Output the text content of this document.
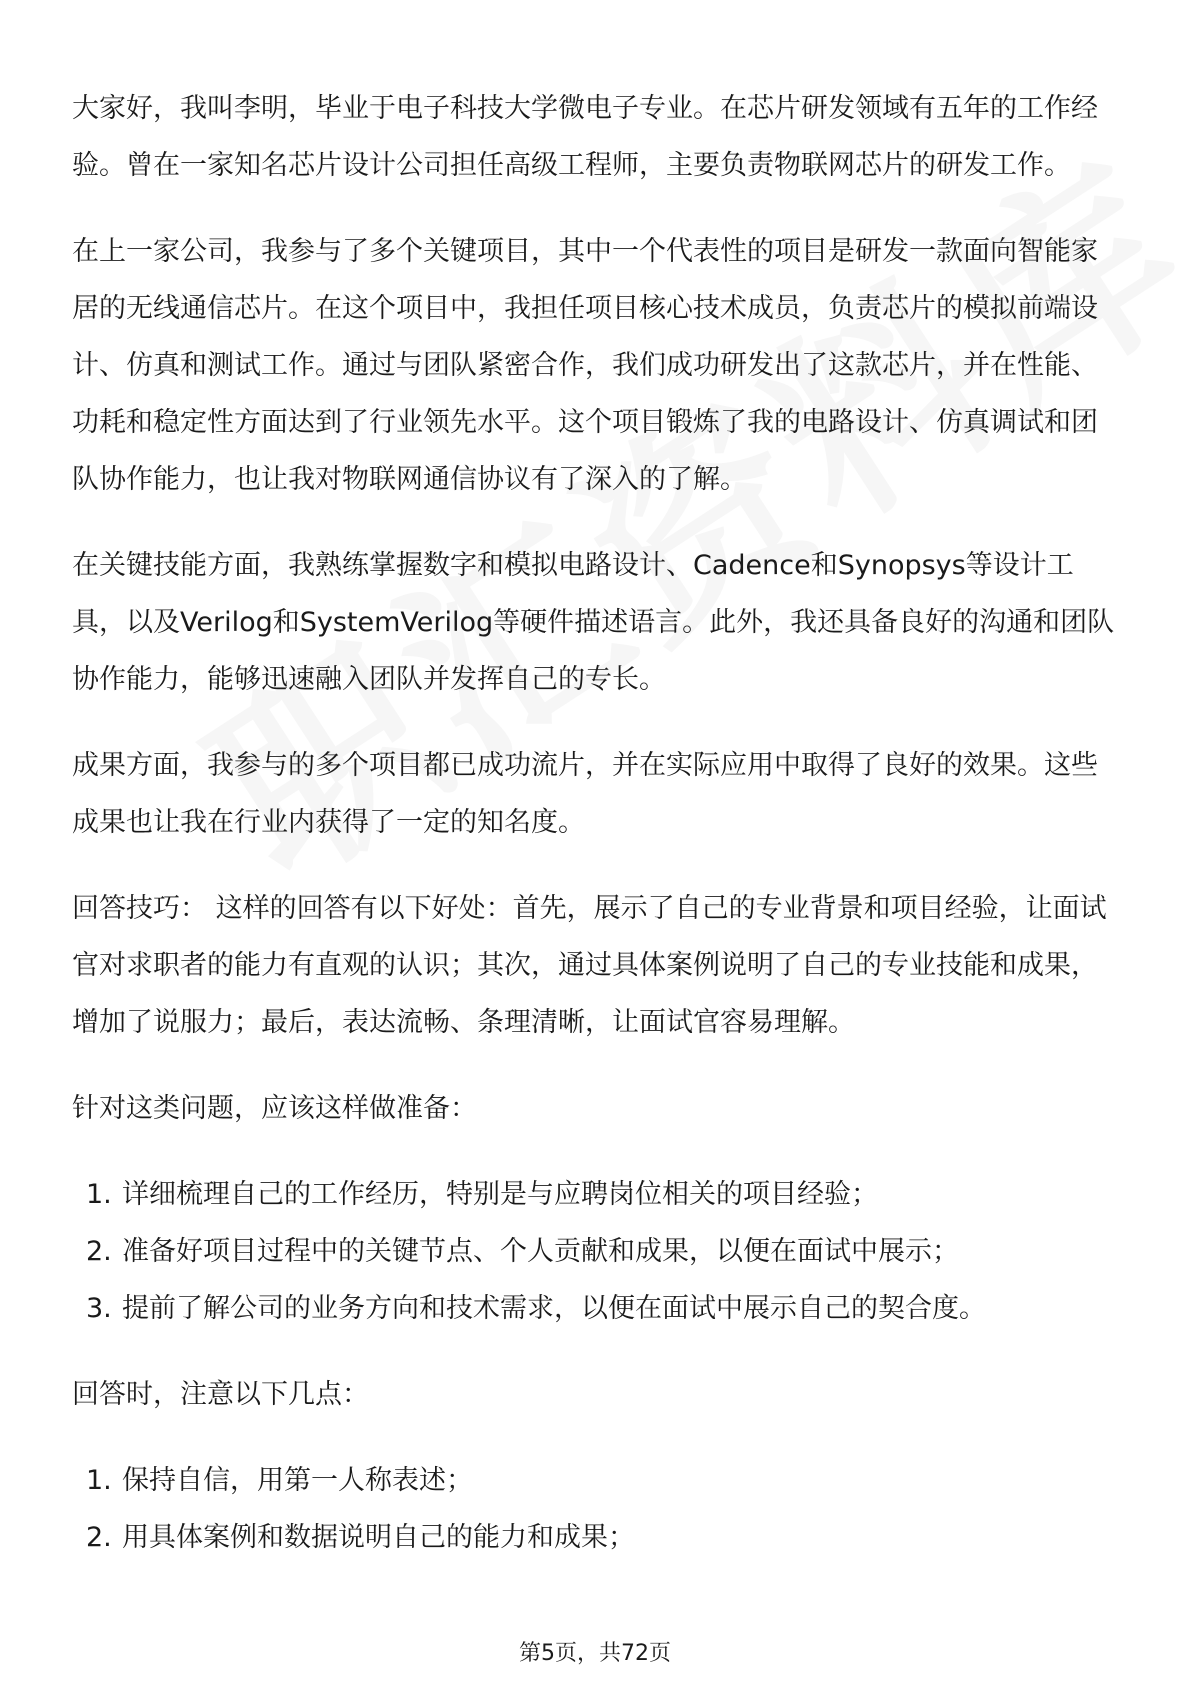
大家好，我叫李明，毕业于电子科技大学微电子专业。在芯片研发领域有五年的工作经验。曾在一家知名芯片设计公司担任高级工程师，主要负责物联网芯片的研发工作。

在上一家公司，我参与了多个关键项目，其中一个代表性的项目是研发一款面向智能家居的无线通信芯片。在这个项目中，我担任项目核心技术成员，负责芯片的模拟前端设计、仿真和测试工作。通过与团队紧密合作，我们成功研发出了这款芯片，并在性能、功耗和稳定性方面达到了行业领先水平。这个项目锻炼了我的电路设计、仿真调试和团队协作能力，也让我对物联网通信协议有了深入的了解。

在关键技能方面，我熟练掌握数字和模拟电路设计、Cadence和Synopsys等设计工具，以及Verilog和SystemVerilog等硬件描述语言。此外，我还具备良好的沟通和团队协作能力，能够迅速融入团队并发挥自己的专长。

成果方面，我参与的多个项目都已成功流片，并在实际应用中取得了良好的效果。这些成果也让我在行业内获得了一定的知名度。

回答技巧： 这样的回答有以下好处：首先，展示了自己的专业背景和项目经验，让面试官对求职者的能力有直观的认识；其次，通过具体案例说明了自己的专业技能和成果，增加了说服力；最后，表达流畅、条理清晰，让面试官容易理解。

针对这类问题，应该这样做准备：

1. 详细梳理自己的工作经历，特别是与应聘岗位相关的项目经验；
2. 准备好项目过程中的关键节点、个人贡献和成果，以便在面试中展示；
3. 提前了解公司的业务方向和技术需求，以便在面试中展示自己的契合度。

回答时，注意以下几点：

1. 保持自信，用第一人称表述；
2. 用具体案例和数据说明自己的能力和成果；
第5页，共72页
